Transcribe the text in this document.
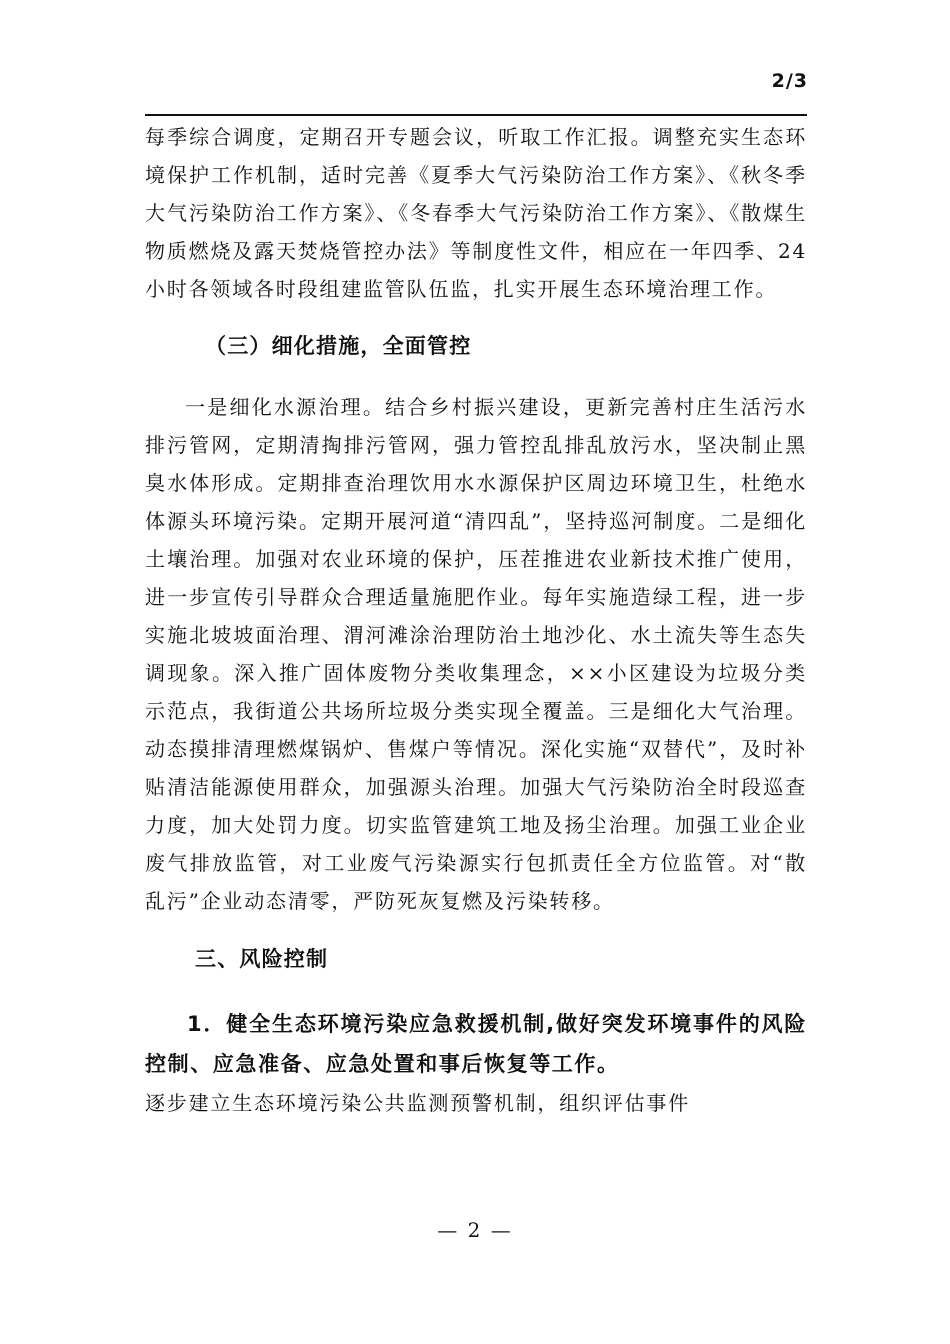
2/3

每季综合调度，定期召开专题会议，听取工作汇报。调整充实生态环境保护工作机制，适时完善《夏季大气污染防治工作方案》、《秋冬季大气污染防治工作方案》、《冬春季大气污染防治工作方案》、《散煤生物质燃烧及露天焚烧管控办法》等制度性文件，相应在一年四季、24小时各领域各时段组建监管队伍监，扎实开展生态环境治理工作。

（三）细化措施，全面管控

一是细化水源治理。结合乡村振兴建设，更新完善村庄生活污水排污管网，定期清掏排污管网，强力管控乱排乱放污水，坚决制止黑臭水体形成。定期排查治理饮用水水源保护区周边环境卫生，杜绝水体源头环境污染。定期开展河道“清四乱”，坚持巡河制度。二是细化土壤治理。加强对农业环境的保护，压茬推进农业新技术推广使用，进一步宣传引导群众合理适量施肥作业。每年实施造绿工程，进一步实施北坡坡面治理、渭河滩涂治理防治土地沙化、水土流失等生态失调现象。深入推广固体废物分类收集理念，××小区建设为垃圾分类示范点，我街道公共场所垃圾分类实现全覆盖。三是细化大气治理。动态摸排清理燃煤锅炉、售煤户等情况。深化实施“双替代”，及时补贴清洁能源使用群众，加强源头治理。加强大气污染防治全时段巡查力度，加大处罚力度。切实监管建筑工地及扬尘治理。加强工业企业废气排放监管，对工业废气污染源实行包抓责任全方位监管。对“散乱污”企业动态清零，严防死灰复燃及污染转移。

三、风险控制

1．健全生态环境污染应急救援机制,做好突发环境事件的风险控制、应急准备、应急处置和事后恢复等工作。

逐步建立生态环境污染公共监测预警机制，组织评估事件

— 2 —
